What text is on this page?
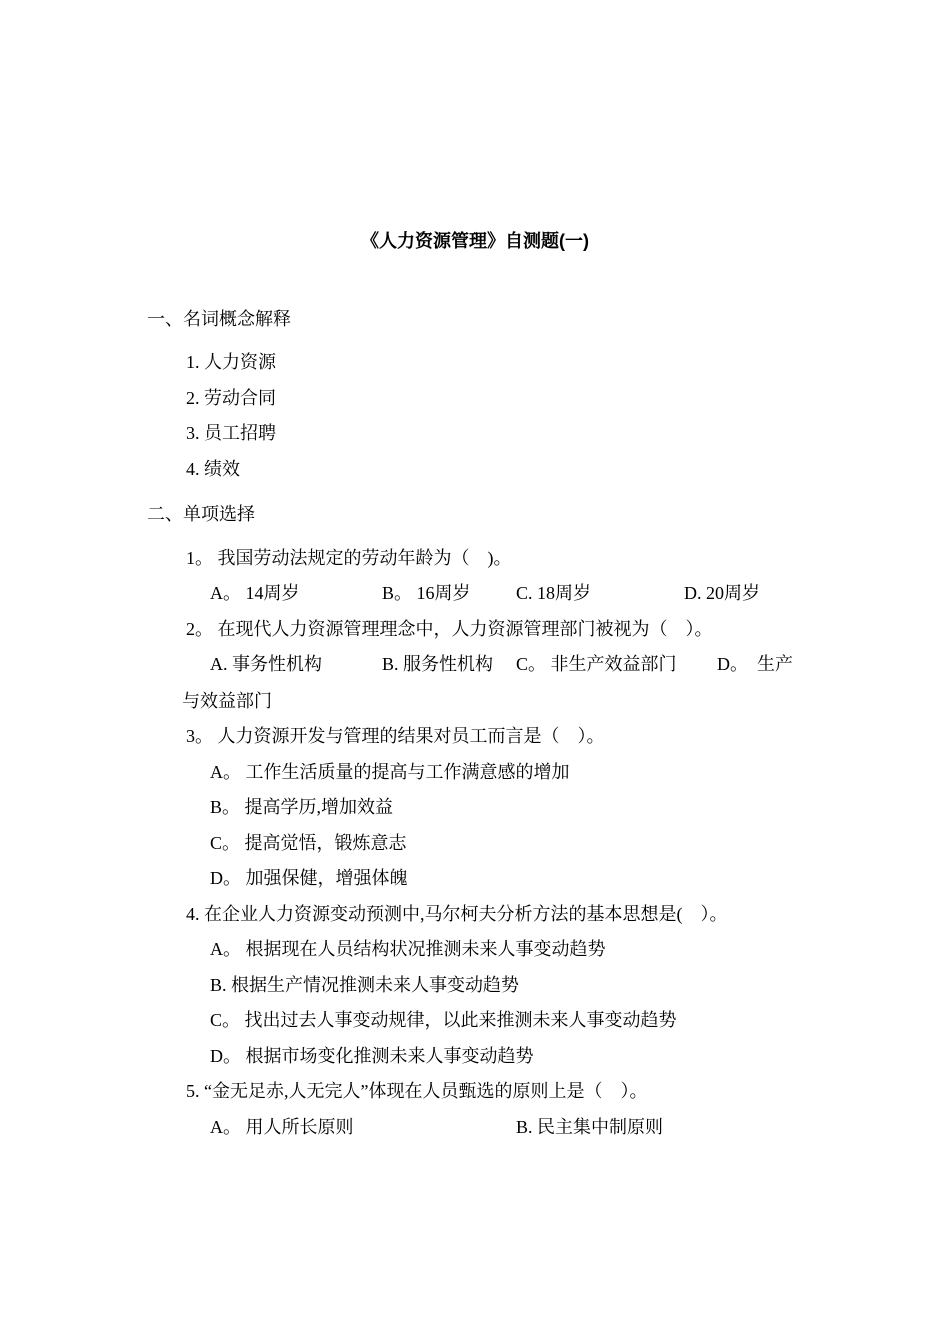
《人力资源管理》自测题(一)
一、名词概念解释
1. 人力资源
2. 劳动合同
3. 员工招聘
4. 绩效
二、单项选择
1。 我国劳动法规定的劳动年龄为（    )。
A。 14周岁	B。 16周岁	C. 18周岁	D. 20周岁
2。 在现代人力资源管理理念中，人力资源管理部门被视为（    ）。
A. 事务性机构	B. 服务性机构 C。 非生产效益部门 D。  生产
与效益部门
3。 人力资源开发与管理的结果对员工而言是（    ）。
A。 工作生活质量的提高与工作满意感的增加
B。 提高学历,增加效益
C。 提高觉悟，锻炼意志
D。 加强保健，增强体魄
4. 在企业人力资源变动预测中,马尔柯夫分析方法的基本思想是(    ）。
A。 根据现在人员结构状况推测未来人事变动趋势
B. 根据生产情况推测未来人事变动趋势
C。 找出过去人事变动规律，以此来推测未来人事变动趋势
D。 根据市场变化推测未来人事变动趋势
5. “金无足赤,人无完人”体现在人员甄选的原则上是（    ）。
A。 用人所长原则	B. 民主集中制原则
